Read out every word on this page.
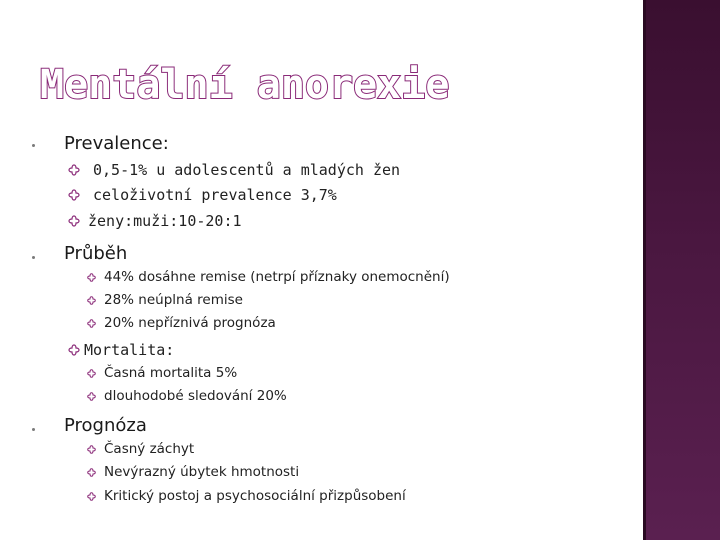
Mentální anorexie
Prevalence:
0,5-1% u adolescentů a mladých žen
celoživotní prevalence 3,7%
ženy:muži:10-20:1
Průběh
44% dosáhne remise (netrpí příznaky onemocnění)
28% neúplná remise
20% nepříznivá prognóza
Mortalita:
Časná mortalita 5%
dlouhodobé sledování 20%
Prognóza
Časný záchyt
Nevýrazný úbytek hmotnosti
Kritický postoj a psychosociální přizpůsobení
